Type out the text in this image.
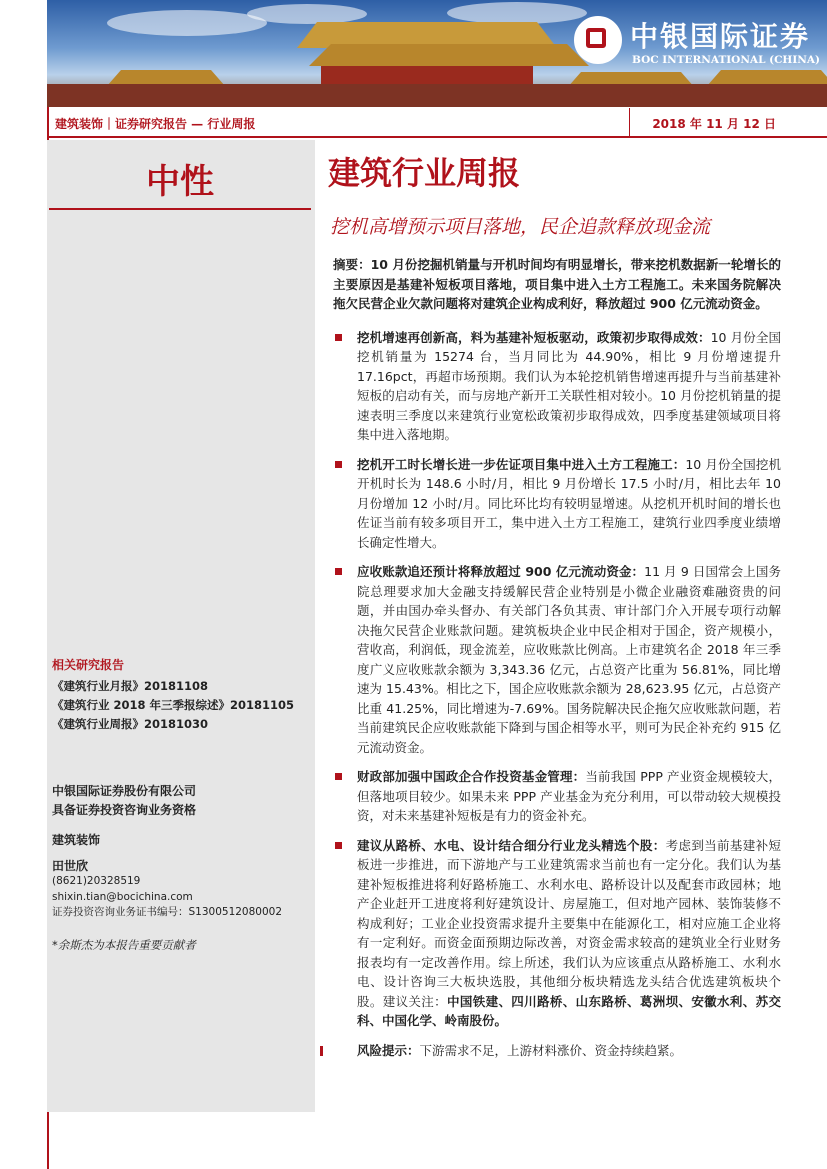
中银国际证券
BOC INTERNATIONAL (CHINA)
建筑装饰｜证券研究报告 — 行业周报	2018 年 11 月 12 日
中性
相关研究报告
《建筑行业月报》20181108
《建筑行业 2018 年三季报综述》20181105
《建筑行业周报》20181030
中银国际证券股份有限公司
具备证券投资咨询业务资格
建筑装饰
田世欣
(8621)20328519
shixin.tian@bocichina.com
证券投资咨询业务证书编号：S1300512080002
*余斯杰为本报告重要贡献者
建筑行业周报
挖机高增预示项目落地，民企追款释放现金流

摘要：10 月份挖掘机销量与开机时间均有明显增长，带来挖机数据新一轮增长的主要原因是基建补短板项目落地，项目集中进入土方工程施工。未来国务院解决拖欠民营企业欠款问题将对建筑企业构成利好，释放超过 900 亿元流动资金。

挖机增速再创新高，料为基建补短板驱动，政策初步取得成效：10 月份全国挖机销量为 15274 台，当月同比为 44.90%，相比 9 月份增速提升 17.16pct，再超市场预期。我们认为本轮挖机销售增速再提升与当前基建补短板的启动有关，而与房地产新开工关联性相对较小。10 月份挖机销量的提速表明三季度以来建筑行业宽松政策初步取得成效，四季度基建领域项目将集中进入落地期。
挖机开工时长增长进一步佐证项目集中进入土方工程施工：10 月份全国挖机开机时长为 148.6 小时/月，相比 9 月份增长 17.5 小时/月，相比去年 10 月份增加 12 小时/月。同比环比均有较明显增速。从挖机开机时间的增长也佐证当前有较多项目开工，集中进入土方工程施工，建筑行业四季度业绩增长确定性增大。
应收账款追还预计将释放超过 900 亿元流动资金：11 月 9 日国常会上国务院总理要求加大金融支持缓解民营企业特别是小微企业融资难融资贵的问题，并由国办牵头督办、有关部门各负其责、审计部门介入开展专项行动解决拖欠民营企业账款问题。建筑板块企业中民企相对于国企，资产规模小，营收高，利润低，现金流差，应收账款比例高。上市建筑名企 2018 年三季度广义应收账款余额为 3,343.36 亿元，占总资产比重为 56.81%，同比增速为 15.43%。相比之下，国企应收账款余额为 28,623.95 亿元，占总资产比重 41.25%，同比增速为-7.69%。国务院解决民企拖欠应收账款问题，若当前建筑民企应收账款能下降到与国企相等水平，则可为民企补充约 915 亿元流动资金。
财政部加强中国政企合作投资基金管理：当前我国 PPP 产业资金规模较大，但落地项目较少。如果未来 PPP 产业基金为充分利用，可以带动较大规模投资，对未来基建补短板是有力的资金补充。
建议从路桥、水电、设计结合细分行业龙头精选个股：考虑到当前基建补短板进一步推进，而下游地产与工业建筑需求当前也有一定分化。我们认为基建补短板推进将利好路桥施工、水利水电、路桥设计以及配套市政园林；地产企业赶开工进度将利好建筑设计、房屋施工，但对地产园林、装饰装修不构成利好；工业企业投资需求提升主要集中在能源化工，相对应施工企业将有一定利好。而资金面预期边际改善，对资金需求较高的建筑业全行业财务报表均有一定改善作用。综上所述，我们认为应该重点从路桥施工、水利水电、设计咨询三大板块选股，其他细分板块精选龙头结合优选建筑板块个股。建议关注：中国铁建、四川路桥、山东路桥、葛洲坝、安徽水利、苏交科、中国化学、岭南股份。
风险提示：下游需求不足，上游材料涨价、资金持续趋紧。
